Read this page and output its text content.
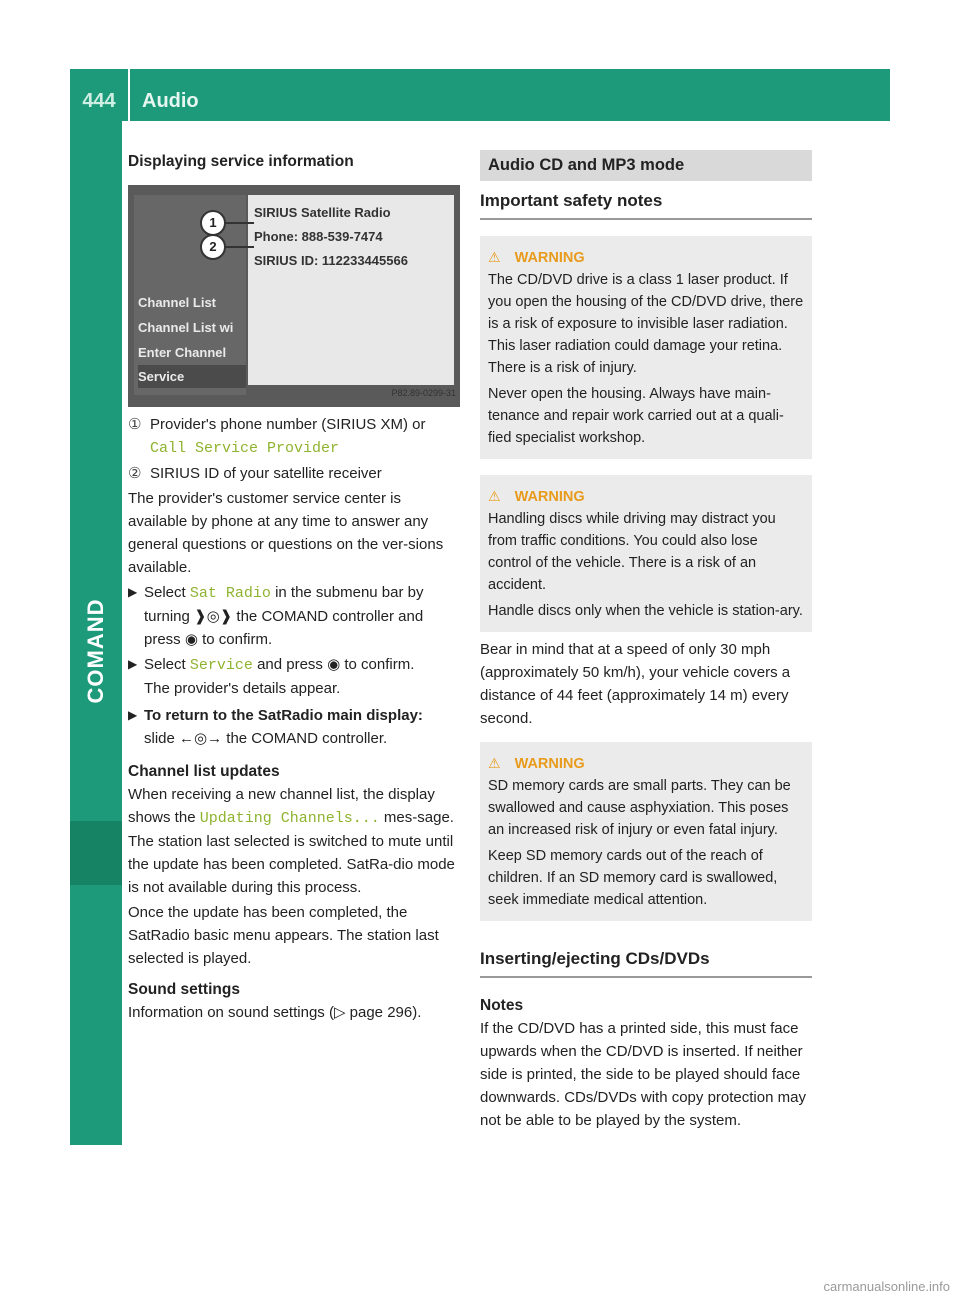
444	Audio
COMAND

Displaying service information

Channel List
Channel List wi
Enter Channel
Service
SIRIUS Satellite Radio
Phone: 888-539-7474
SIRIUS ID: 112233445566
1
2
P82.89-0299-31
① Provider's phone number (SIRIUS XM) or
Call Service Provider
② SIRIUS ID of your satellite receiver

The provider's customer service center is available by phone at any time to answer any general questions or questions on the ver-sions available.

▶ Select Sat Radio in the submenu bar by turning ❱◎❱ the COMAND controller and press ◉ to confirm.
▶ Select Service and press ◉ to confirm.
The provider's details appear.
▶ To return to the SatRadio main display:
slide ←◎→ the COMAND controller.

Channel list updates

When receiving a new channel list, the display shows the Updating Channels... mes-sage.

The station last selected is switched to mute until the update has been completed. SatRa-dio mode is not available during this process.

Once the update has been completed, the SatRadio basic menu appears. The station last selected is played.

Sound settings

Information on sound settings (▷ page 296).

Audio CD and MP3 mode
Important safety notes
⚠ WARNING

The CD/DVD drive is a class 1 laser product. If you open the housing of the CD/DVD drive, there is a risk of exposure to invisible laser radiation. This laser radiation could damage your retina. There is a risk of injury.

Never open the housing. Always have main-tenance and repair work carried out at a quali-fied specialist workshop.

⚠ WARNING

Handling discs while driving may distract you from traffic conditions. You could also lose control of the vehicle. There is a risk of an accident.

Handle discs only when the vehicle is station-ary.

Bear in mind that at a speed of only 30 mph (approximately 50 km/h), your vehicle covers a distance of 44 feet (approximately 14 m) every second.

⚠ WARNING

SD memory cards are small parts. They can be swallowed and cause asphyxiation. This poses an increased risk of injury or even fatal injury.

Keep SD memory cards out of the reach of children. If an SD memory card is swallowed, seek immediate medical attention.

Inserting/ejecting CDs/DVDs

Notes

If the CD/DVD has a printed side, this must face upwards when the CD/DVD is inserted. If neither side is printed, the side to be played should face downwards. CDs/DVDs with copy protection may not be able to be played by the system.

carmanualsonline.info
